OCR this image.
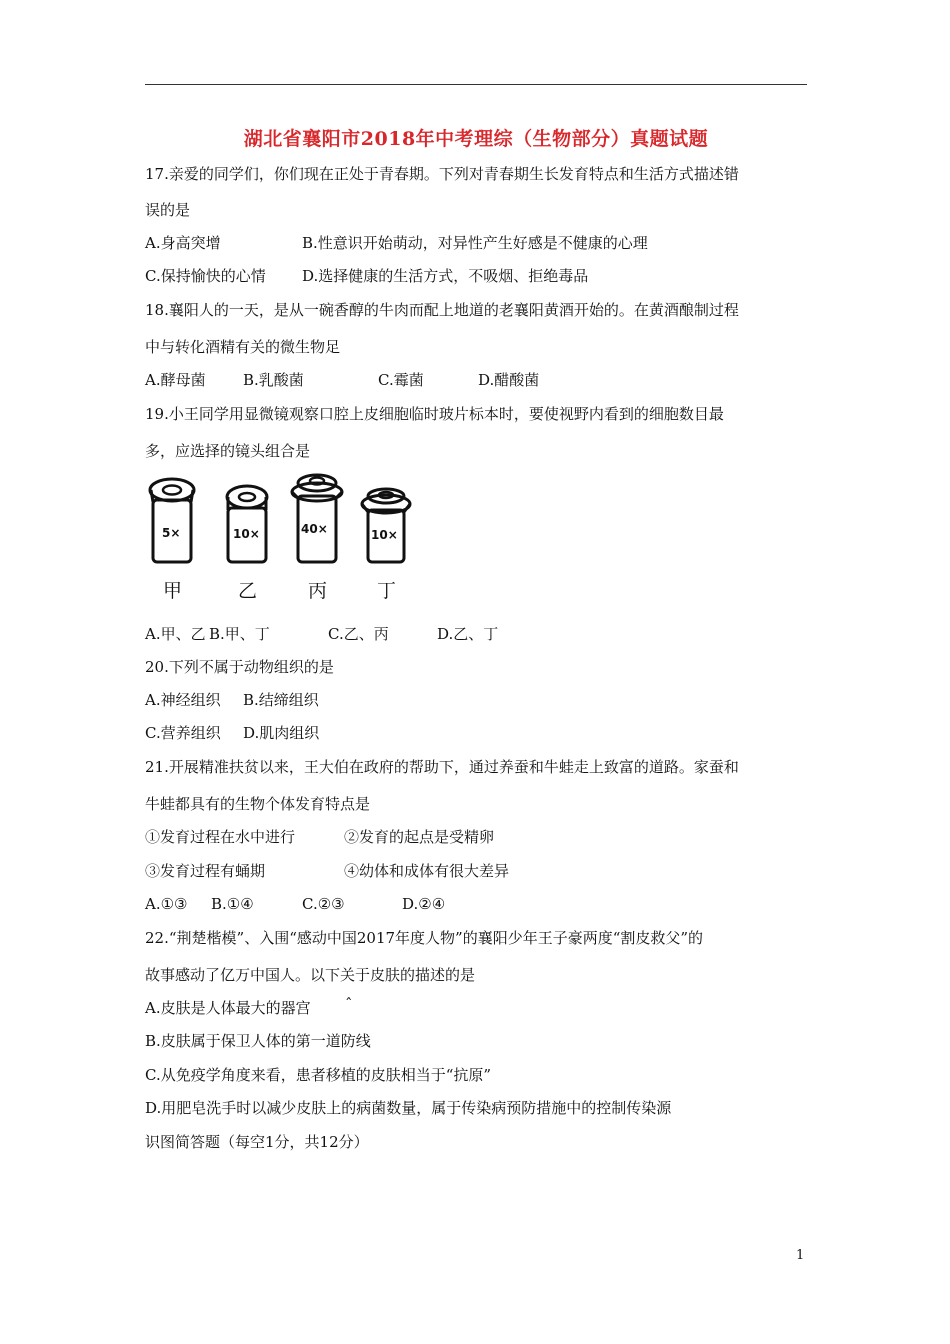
湖北省襄阳市2018年中考理综（生物部分）真题试题
17.亲爱的同学们，你们现在正处于青春期。下列对青春期生长发育特点和生活方式描述错
误的是
A.身高突增	B.性意识开始萌动，对异性产生好感是不健康的心理
C.保持愉快的心情 D.选择健康的生活方式，不吸烟、拒绝毒品
18.襄阳人的一天，是从一碗香醇的牛肉而配上地道的老襄阳黄酒开始的。在黄酒酿制过程
中与转化酒精有关的微生物足
A.酵母菌 B.乳酸菌	C.霉菌	D.醋酸菌
19.小王同学用显微镜观察口腔上皮细胞临时玻片标本时，要使视野内看到的细胞数目最
多，应选择的镜头组合是
5×	10×	40×	10×
甲	乙	丙	丁
A.甲、乙 B.甲、丁	C.乙、丙	D.乙、丁
20.下列不属于动物组织的是
A.神经组织 B.结缔组织
C.营养组织 D.肌肉组织
21.开展精准扶贫以来，王大伯在政府的帮助下，通过养蚕和牛蛙走上致富的道路。家蚕和
牛蛙都具有的生物个体发育特点是
①发育过程在水中进行	②发育的起点是受精卵
③发育过程有蛹期	④幼体和成体有很大差异
A.①③ B.①④	C.②③	D.②④
22.“荆楚楷模”、入围“感动中国2017年度人物”的襄阳少年王子豪两度“割皮救父”的
故事感动了亿万中国人。以下关于皮肤的描述的是
A.皮肤是人体最大的器宫 ˆ
B.皮肤属于保卫人体的第一道防线
C.从免疫学角度来看，患者移植的皮肤相当于“抗原”
D.用肥皂洗手时以减少皮肤上的病菌数量，属于传染病预防措施中的控制传染源
识图简答题（每空1分，共12分）
1
